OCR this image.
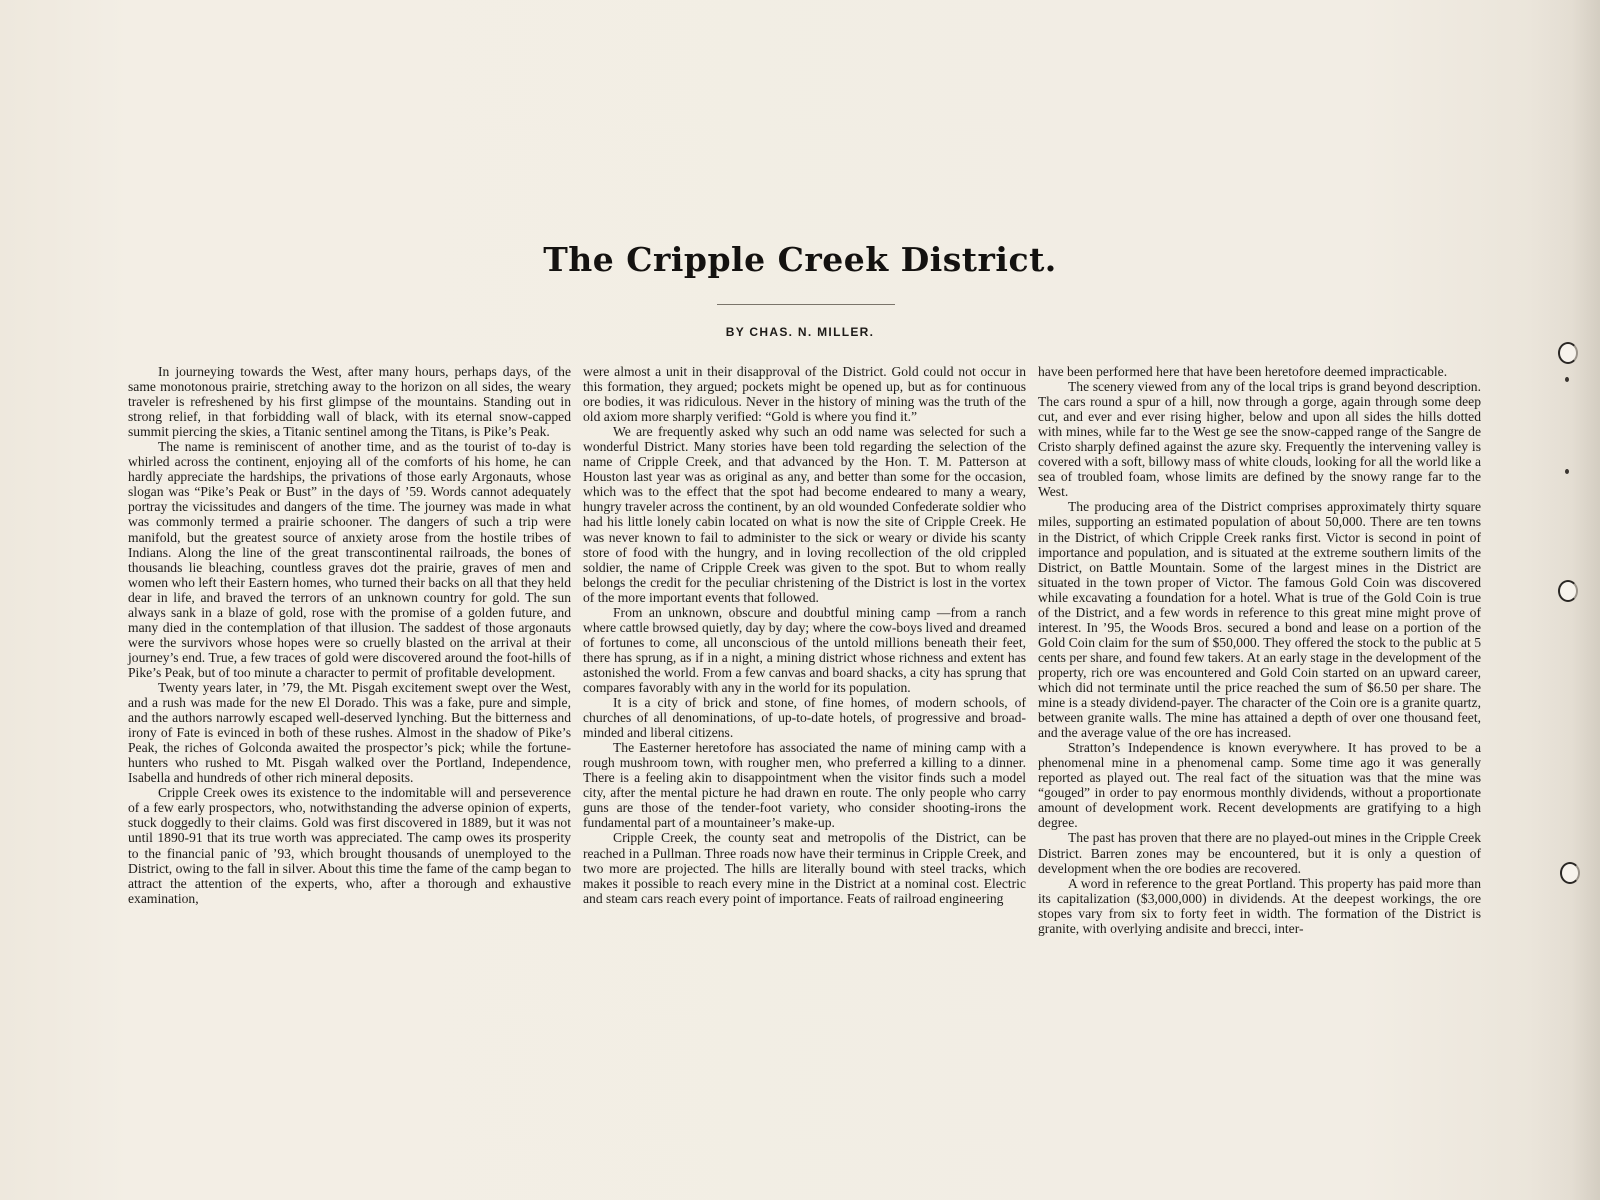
The Cripple Creek District.
BY CHAS. N. MILLER.

In journeying towards the West, after many hours, perhaps days, of the same monotonous prairie, stretching away to the horizon on all sides, the weary traveler is refreshened by his first glimpse of the mountains. Standing out in strong relief, in that forbidding wall of black, with its eternal snow-capped summit piercing the skies, a Titanic sentinel among the Titans, is Pike’s Peak.

The name is reminiscent of another time, and as the tourist of to-day is whirled across the continent, enjoying all of the comforts of his home, he can hardly appreciate the hardships, the privations of those early Argonauts, whose slogan was “Pike’s Peak or Bust” in the days of ’59. Words cannot adequately portray the vicissitudes and dangers of the time. The journey was made in what was commonly termed a prairie schooner. The dangers of such a trip were manifold, but the greatest source of anxiety arose from the hostile tribes of Indians. Along the line of the great transcontinental railroads, the bones of thousands lie bleaching, countless graves dot the prairie, graves of men and women who left their Eastern homes, who turned their backs on all that they held dear in life, and braved the terrors of an unknown country for gold. The sun always sank in a blaze of gold, rose with the promise of a golden future, and many died in the contemplation of that illusion. The saddest of those argonauts were the survivors whose hopes were so cruelly blasted on the arrival at their journey’s end. True, a few traces of gold were discovered around the foot-hills of Pike’s Peak, but of too minute a character to permit of profitable development.

Twenty years later, in ’79, the Mt. Pisgah excitement swept over the West, and a rush was made for the new El Dorado. This was a fake, pure and simple, and the authors narrowly escaped well-deserved lynching. But the bitterness and irony of Fate is evinced in both of these rushes. Almost in the shadow of Pike’s Peak, the riches of Golconda awaited the prospector’s pick; while the fortune-hunters who rushed to Mt. Pisgah walked over the Portland, Independence, Isabella and hundreds of other rich mineral deposits.

Cripple Creek owes its existence to the indomitable will and perseverence of a few early prospectors, who, notwithstanding the adverse opinion of experts, stuck doggedly to their claims. Gold was first discovered in 1889, but it was not until 1890-91 that its true worth was appreciated. The camp owes its prosperity to the financial panic of ’93, which brought thousands of unemployed to the District, owing to the fall in silver. About this time the fame of the camp began to attract the attention of the experts, who, after a thorough and exhaustive examination,

were almost a unit in their disapproval of the District. Gold could not occur in this formation, they argued; pockets might be opened up, but as for continuous ore bodies, it was ridiculous. Never in the history of mining was the truth of the old axiom more sharply verified: “Gold is where you find it.”

We are frequently asked why such an odd name was selected for such a wonderful District. Many stories have been told regarding the selection of the name of Cripple Creek, and that advanced by the Hon. T. M. Patterson at Houston last year was as original as any, and better than some for the occasion, which was to the effect that the spot had become endeared to many a weary, hungry traveler across the continent, by an old wounded Confederate soldier who had his little lonely cabin located on what is now the site of Cripple Creek. He was never known to fail to administer to the sick or weary or divide his scanty store of food with the hungry, and in loving recollection of the old crippled soldier, the name of Cripple Creek was given to the spot. But to whom really belongs the credit for the peculiar christening of the District is lost in the vortex of the more important events that followed.

From an unknown, obscure and doubtful mining camp —from a ranch where cattle browsed quietly, day by day; where the cow-boys lived and dreamed of fortunes to come, all unconscious of the untold millions beneath their feet, there has sprung, as if in a night, a mining district whose richness and extent has astonished the world. From a few canvas and board shacks, a city has sprung that compares favorably with any in the world for its population.

It is a city of brick and stone, of fine homes, of modern schools, of churches of all denominations, of up-to-date hotels, of progressive and broad-minded and liberal citizens.

The Easterner heretofore has associated the name of mining camp with a rough mushroom town, with rougher men, who preferred a killing to a dinner. There is a feeling akin to disappointment when the visitor finds such a model city, after the mental picture he had drawn en route. The only people who carry guns are those of the tender-foot variety, who consider shooting-irons the fundamental part of a mountaineer’s make-up.

Cripple Creek, the county seat and metropolis of the District, can be reached in a Pullman. Three roads now have their terminus in Cripple Creek, and two more are projected. The hills are literally bound with steel tracks, which makes it possible to reach every mine in the District at a nominal cost. Electric and steam cars reach every point of importance. Feats of railroad engineering

have been performed here that have been heretofore deemed impracticable.

The scenery viewed from any of the local trips is grand beyond description. The cars round a spur of a hill, now through a gorge, again through some deep cut, and ever and ever rising higher, below and upon all sides the hills dotted with mines, while far to the West ge see the snow-capped range of the Sangre de Cristo sharply defined against the azure sky. Frequently the intervening valley is covered with a soft, billowy mass of white clouds, looking for all the world like a sea of troubled foam, whose limits are defined by the snowy range far to the West.

The producing area of the District comprises approximately thirty square miles, supporting an estimated population of about 50,000. There are ten towns in the District, of which Cripple Creek ranks first. Victor is second in point of importance and population, and is situated at the extreme southern limits of the District, on Battle Mountain. Some of the largest mines in the District are situated in the town proper of Victor. The famous Gold Coin was discovered while excavating a foundation for a hotel. What is true of the Gold Coin is true of the District, and a few words in reference to this great mine might prove of interest. In ’95, the Woods Bros. secured a bond and lease on a portion of the Gold Coin claim for the sum of $50,000. They offered the stock to the public at 5 cents per share, and found few takers. At an early stage in the development of the property, rich ore was encountered and Gold Coin started on an upward career, which did not terminate until the price reached the sum of $6.50 per share. The mine is a steady dividend-payer. The character of the Coin ore is a granite quartz, between granite walls. The mine has attained a depth of over one thousand feet, and the average value of the ore has increased.

Stratton’s Independence is known everywhere. It has proved to be a phenomenal mine in a phenomenal camp. Some time ago it was generally reported as played out. The real fact of the situation was that the mine was “gouged” in order to pay enormous monthly dividends, without a proportionate amount of development work. Recent developments are gratifying to a high degree.

The past has proven that there are no played-out mines in the Cripple Creek District. Barren zones may be encountered, but it is only a question of development when the ore bodies are recovered.

A word in reference to the great Portland. This property has paid more than its capitalization ($3,000,000) in dividends. At the deepest workings, the ore stopes vary from six to forty feet in width. The formation of the District is granite, with overlying andisite and brecci, inter-
